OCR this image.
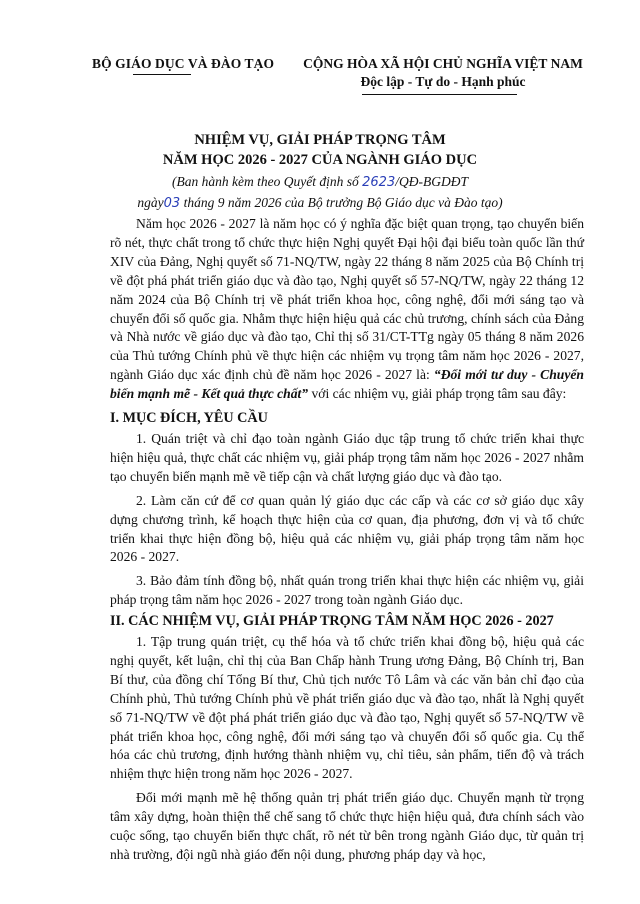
BỘ GIÁO DỤC VÀ ĐÀO TẠO	CỘNG HÒA XÃ HỘI CHỦ NGHĨA VIỆT NAM
Độc lập - Tự do - Hạnh phúc
NHIỆM VỤ, GIẢI PHÁP TRỌNG TÂM
NĂM HỌC 2026 - 2027 CỦA NGÀNH GIÁO DỤC
(Ban hành kèm theo Quyết định số 2623/QĐ-BGDĐT
ngày03 tháng 9 năm 2026 của Bộ trưởng Bộ Giáo dục và Đào tạo)

Năm học 2026 - 2027 là năm học có ý nghĩa đặc biệt quan trọng, tạo chuyển biến rõ nét, thực chất trong tổ chức thực hiện Nghị quyết Đại hội đại biểu toàn quốc lần thứ XIV của Đảng, Nghị quyết số 71-NQ/TW, ngày 22 tháng 8 năm 2025 của Bộ Chính trị về đột phá phát triển giáo dục và đào tạo, Nghị quyết số 57-NQ/TW, ngày 22 tháng 12 năm 2024 của Bộ Chính trị về phát triển khoa học, công nghệ, đổi mới sáng tạo và chuyển đổi số quốc gia. Nhằm thực hiện hiệu quả các chủ trương, chính sách của Đảng và Nhà nước về giáo dục và đào tạo, Chỉ thị số 31/CT-TTg ngày 05 tháng 8 năm 2026 của Thủ tướng Chính phủ về thực hiện các nhiệm vụ trọng tâm năm học 2026 - 2027, ngành Giáo dục xác định chủ đề năm học 2026 - 2027 là: “Đổi mới tư duy - Chuyển biến mạnh mẽ - Kết quả thực chất” với các nhiệm vụ, giải pháp trọng tâm sau đây:

I. MỤC ĐÍCH, YÊU CẦU

1. Quán triệt và chỉ đạo toàn ngành Giáo dục tập trung tổ chức triển khai thực hiện hiệu quả, thực chất các nhiệm vụ, giải pháp trọng tâm năm học 2026 - 2027 nhằm tạo chuyển biến mạnh mẽ về tiếp cận và chất lượng giáo dục và đào tạo.

2. Làm căn cứ để cơ quan quản lý giáo dục các cấp và các cơ sở giáo dục xây dựng chương trình, kế hoạch thực hiện của cơ quan, địa phương, đơn vị và tổ chức triển khai thực hiện đồng bộ, hiệu quả các nhiệm vụ, giải pháp trọng tâm năm học 2026 - 2027.

3. Bảo đảm tính đồng bộ, nhất quán trong triển khai thực hiện các nhiệm vụ, giải pháp trọng tâm năm học 2026 - 2027 trong toàn ngành Giáo dục.

II. CÁC NHIỆM VỤ, GIẢI PHÁP TRỌNG TÂM NĂM HỌC 2026 - 2027

1. Tập trung quán triệt, cụ thể hóa và tổ chức triển khai đồng bộ, hiệu quả các nghị quyết, kết luận, chỉ thị của Ban Chấp hành Trung ương Đảng, Bộ Chính trị, Ban Bí thư, của đồng chí Tổng Bí thư, Chủ tịch nước Tô Lâm và các văn bản chỉ đạo của Chính phủ, Thủ tướng Chính phủ về phát triển giáo dục và đào tạo, nhất là Nghị quyết số 71-NQ/TW về đột phá phát triển giáo dục và đào tạo, Nghị quyết số 57-NQ/TW về phát triển khoa học, công nghệ, đổi mới sáng tạo và chuyển đổi số quốc gia. Cụ thể hóa các chủ trương, định hướng thành nhiệm vụ, chỉ tiêu, sản phẩm, tiến độ và trách nhiệm thực hiện trong năm học 2026 - 2027.

Đổi mới mạnh mẽ hệ thống quản trị phát triển giáo dục. Chuyển mạnh từ trọng tâm xây dựng, hoàn thiện thể chế sang tổ chức thực hiện hiệu quả, đưa chính sách vào cuộc sống, tạo chuyển biến thực chất, rõ nét từ bên trong ngành Giáo dục, từ quản trị nhà trường, đội ngũ nhà giáo đến nội dung, phương pháp dạy và học,
